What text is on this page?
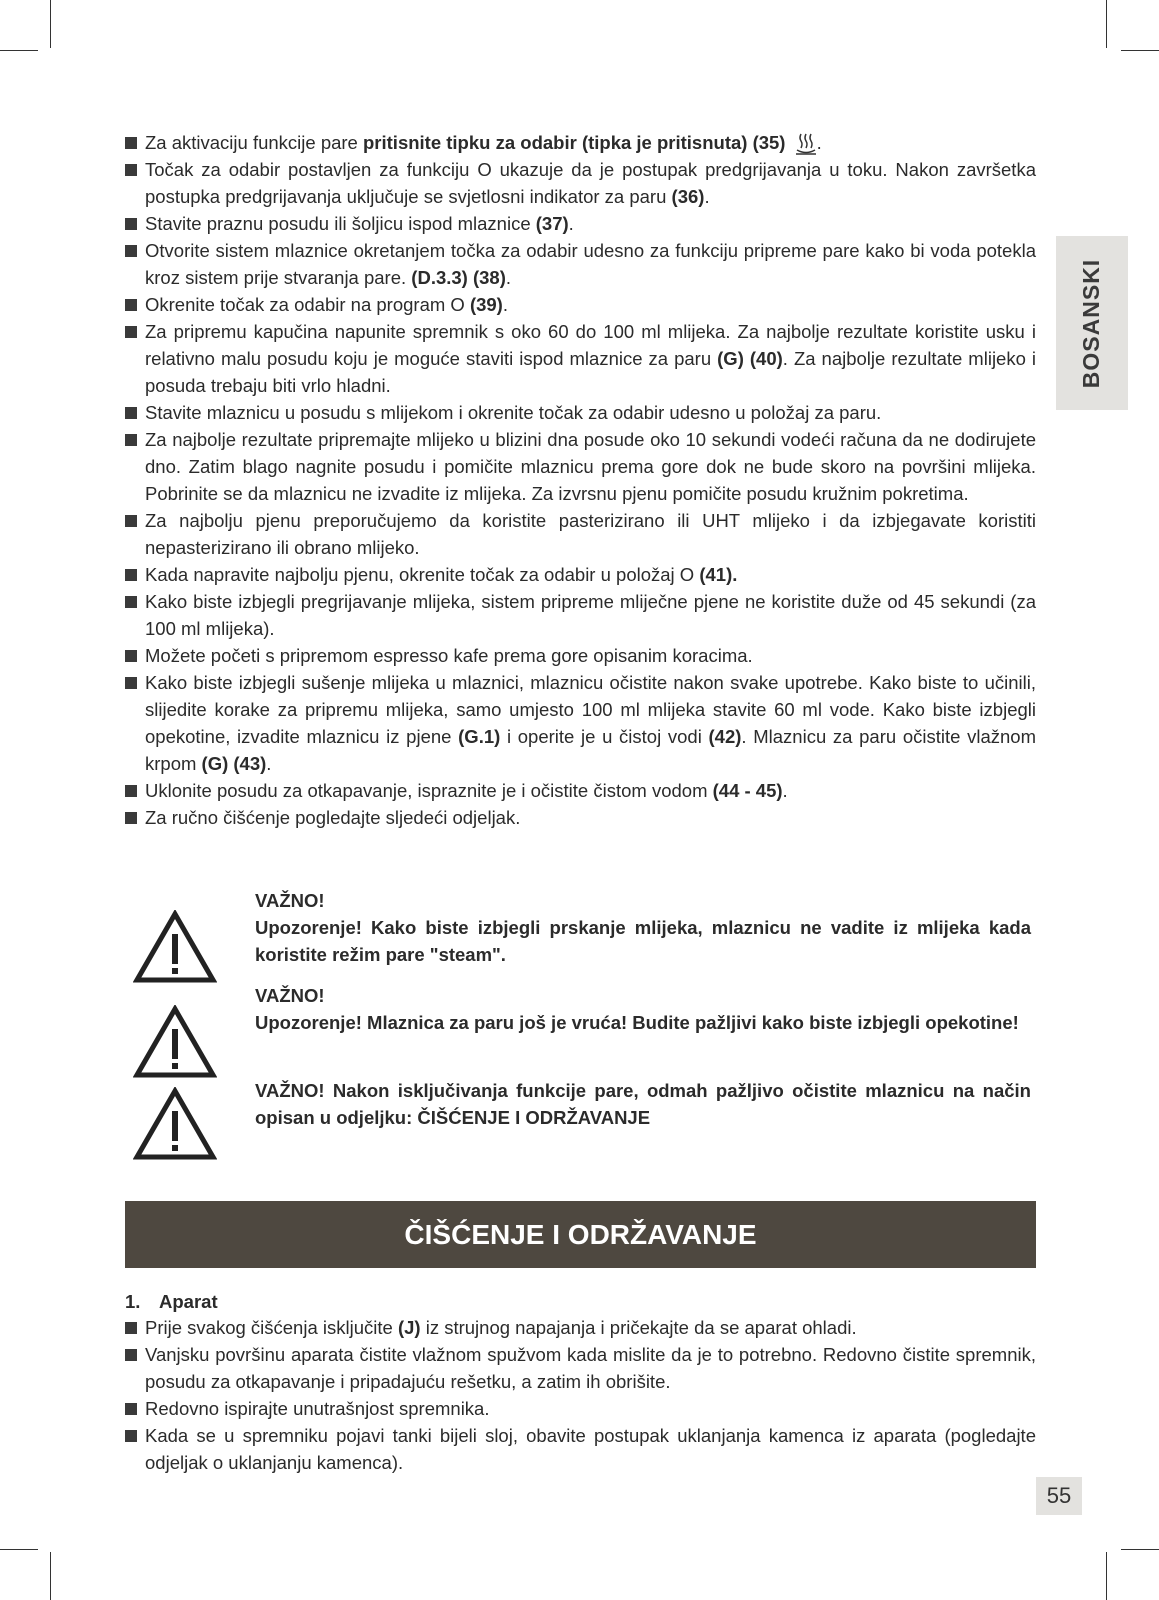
BOSANSKI
Za aktivaciju funkcije pare pritisnite tipku za odabir (tipka je pritisnuta) (35) .
Točak za odabir postavljen za funkciju O ukazuje da je postupak predgrijavanja u toku. Nakon završetka postupka predgrijavanja uključuje se svjetlosni indikator za paru (36).
Stavite praznu posudu ili šoljicu ispod mlaznice (37).
Otvorite sistem mlaznice okretanjem točka za odabir udesno za funkciju pripreme pare kako bi voda potekla kroz sistem prije stvaranja pare. (D.3.3) (38).
Okrenite točak za odabir na program O (39).
Za pripremu kapučina napunite spremnik s oko 60 do 100 ml mlijeka. Za najbolje rezultate koristite usku i relativno malu posudu koju je moguće staviti ispod mlaznice za paru (G) (40). Za najbolje rezultate mlijeko i posuda trebaju biti vrlo hladni.
Stavite mlaznicu u posudu s mlijekom i okrenite točak za odabir udesno u položaj za paru.
Za najbolje rezultate pripremajte mlijeko u blizini dna posude oko 10 sekundi vodeći računa da ne dodirujete dno. Zatim blago nagnite posudu i pomičite mlaznicu prema gore dok ne bude skoro na površini mlijeka. Pobrinite se da mlaznicu ne izvadite iz mlijeka. Za izvrsnu pjenu pomičite posudu kružnim pokretima.
Za najbolju pjenu preporučujemo da koristite pasterizirano ili UHT mlijeko i da izbjegavate koristiti nepasterizirano ili obrano mlijeko.
Kada napravite najbolju pjenu, okrenite točak za odabir u položaj O (41).
Kako biste izbjegli pregrijavanje mlijeka, sistem pripreme mliječne pjene ne koristite duže od 45 sekundi (za 100 ml mlijeka).
Možete početi s pripremom espresso kafe prema gore opisanim koracima.
Kako biste izbjegli sušenje mlijeka u mlaznici, mlaznicu očistite nakon svake upotrebe. Kako biste to učinili, slijedite korake za pripremu mlijeka, samo umjesto 100 ml mlijeka stavite 60 ml vode. Kako biste izbjegli opekotine, izvadite mlaznicu iz pjene (G.1) i operite je u čistoj vodi (42). Mlaznicu za paru očistite vlažnom krpom (G) (43).
Uklonite posudu za otkapavanje, ispraznite je i očistite čistom vodom (44 - 45).
Za ručno čišćenje pogledajte sljedeći odjeljak.
VAŽNO!
Upozorenje! Kako biste izbjegli prskanje mlijeka, mlaznicu ne vadite iz mlijeka kada koristite režim pare "steam".
VAŽNO!
Upozorenje! Mlaznica za paru još je vruća! Budite pažljivi kako biste izbjegli opekotine!
VAŽNO! Nakon isključivanja funkcije pare, odmah pažljivo očistite mlaznicu na način opisan u odjeljku: ČIŠĆENJE I ODRŽAVANJE
ČIŠĆENJE I ODRŽAVANJE
1. Aparat
Prije svakog čišćenja isključite (J) iz strujnog napajanja i pričekajte da se aparat ohladi.
Vanjsku površinu aparata čistite vlažnom spužvom kada mislite da je to potrebno. Redovno čistite spremnik, posudu za otkapavanje i pripadajuću rešetku, a zatim ih obrišite.
Redovno ispirajte unutrašnjost spremnika.
Kada se u spremniku pojavi tanki bijeli sloj, obavite postupak uklanjanja kamenca iz aparata (pogledajte odjeljak o uklanjanju kamenca).
55
